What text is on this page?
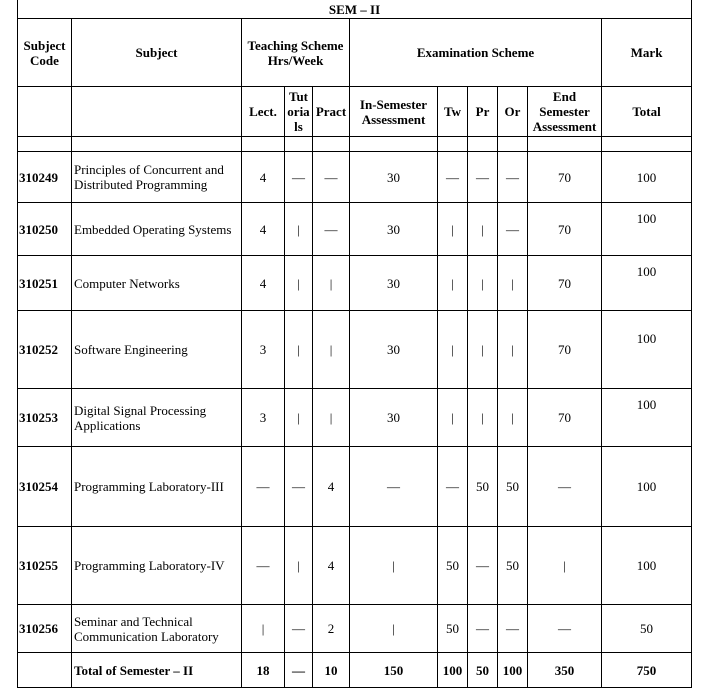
SEM – II										
Subject Code	Subject	Teaching Scheme Hrs/Week			Examination Scheme					Mark
		Lect.	Tut oria ls	Pract	In-Semester Assessment	Tw	Pr	Or	End Semester Assessment	Total

310249	Principles of Concurrent and Distributed Programming	4	—	—	30	—	—	—	70	100
310250	Embedded Operating Systems	4	|	—	30	|	|	—	70	100
310251	Computer Networks	4	|	|	30	|	|	|	70	100
310252	Software Engineering	3	|	|	30	|	|	|	70	100
310253	Digital Signal Processing Applications	3	|	|	30	|	|	|	70	100
310254	Programming Laboratory-III	—	—	4	—	—	50	50	—	100
310255	Programming Laboratory-IV	—	|	4	|	50	—	50	|	100
310256	Seminar and Technical Communication Laboratory	|	—	2	|	50	—	—	—	50
	Total of Semester – II	18	—	10	150	100	50	100	350	750
